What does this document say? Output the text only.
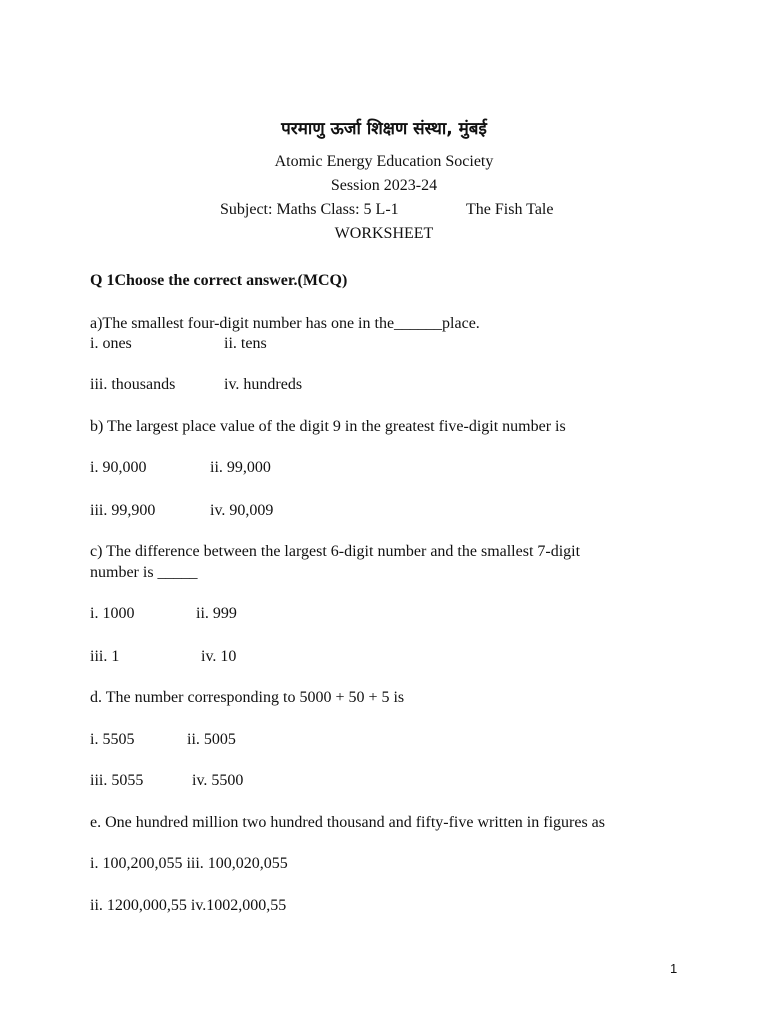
परमाणु ऊर्जा शिक्षण संस्था, मुंबई
Atomic Energy Education Society
Session 2023-24
Subject: Maths Class: 5 L-1	The Fish Tale
WORKSHEET
Q 1Choose the correct answer.(MCQ)
a)The smallest four-digit number has one in the______place.
i. ones	ii. tens
iii. thousands	iv. hundreds
b) The largest place value of the digit 9 in the greatest five-digit number is
i. 90,000	ii. 99,000
iii. 99,900	iv. 90,009
c) The difference between the largest 6-digit number and the smallest 7-digit
number is _____
i. 1000	ii. 999
iii. 1	iv. 10
d. The number corresponding to 5000 + 50 + 5 is
i. 5505	ii. 5005
iii. 5055	iv. 5500
e. One hundred million two hundred thousand and fifty-five written in figures as
i. 100,200,055 iii. 100,020,055
ii. 1200,000,55 iv.1002,000,55
1
